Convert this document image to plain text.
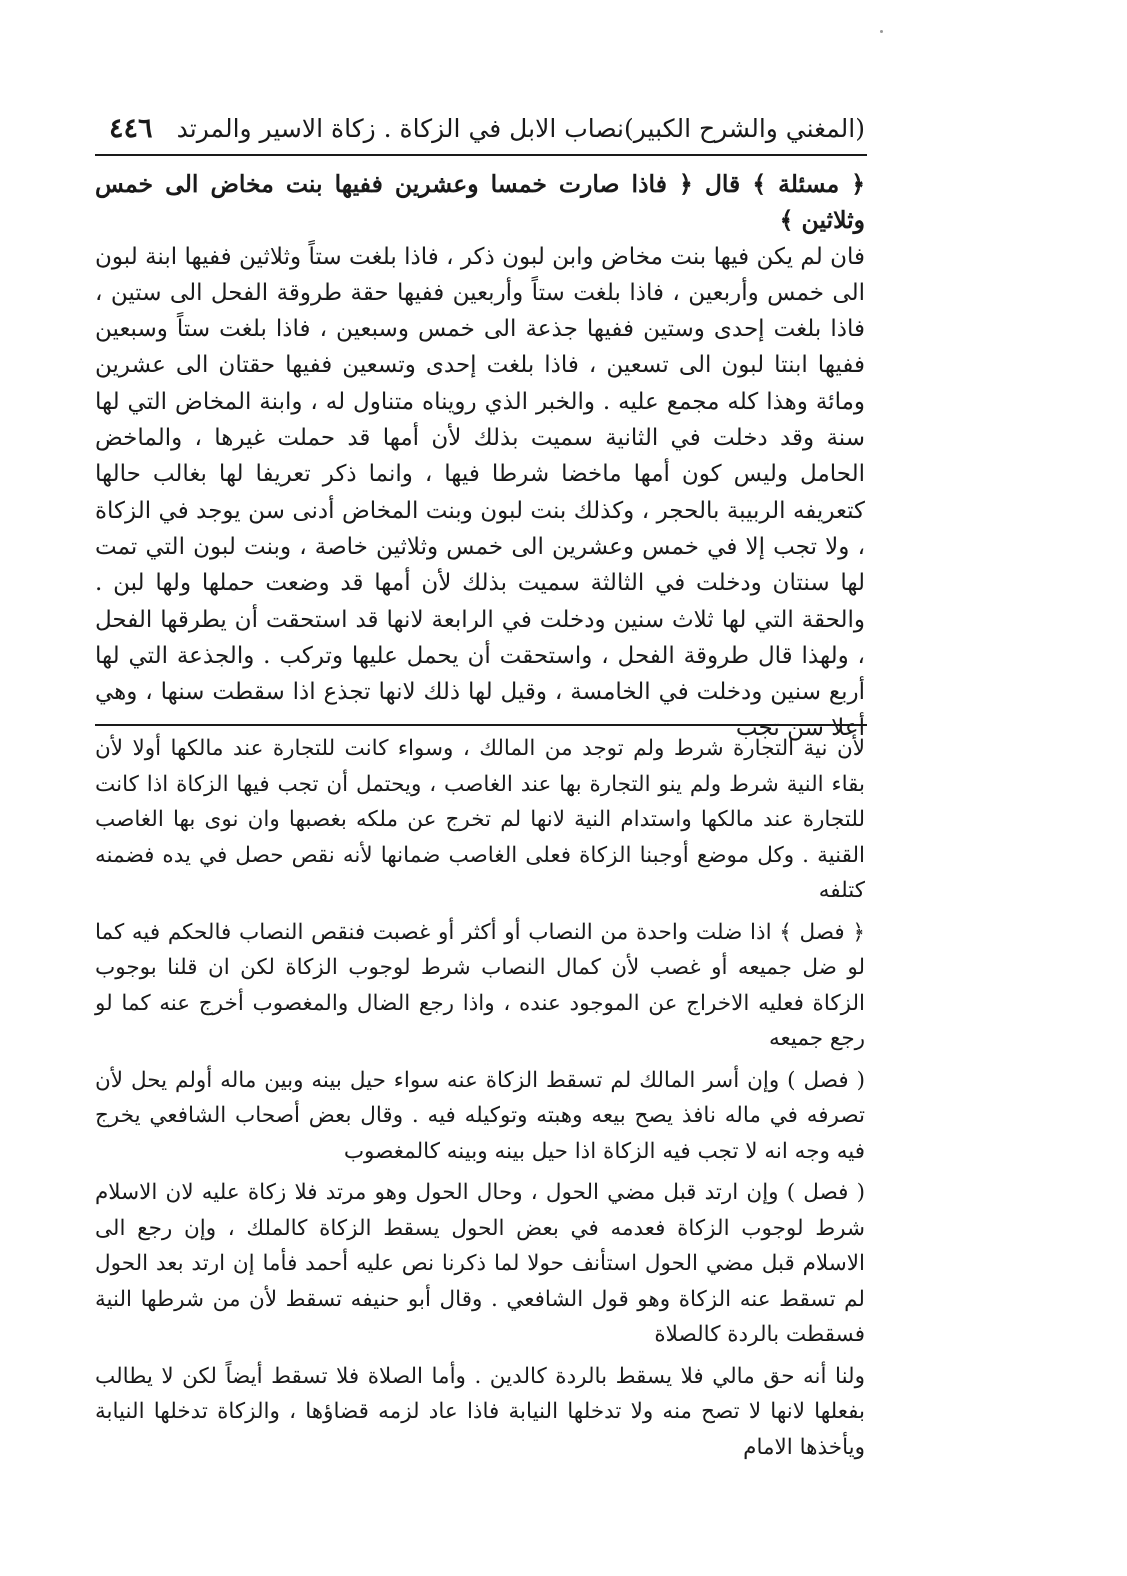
٤٤٦ نصاب الابل في الزكاة . زكاة الاسير والمرتد (المغني والشرح الكبير)

﴿ مسئلة ﴾ قال ﴿ فاذا صارت خمسا وعشرين ففيها بنت مخاض الى خمس وثلاثين ﴾

فان لم يكن فيها بنت مخاض وابن لبون ذكر ، فاذا بلغت ستاً وثلاثين ففيها ابنة لبون الى خمس وأربعين ، فاذا بلغت ستاً وأربعين ففيها حقة طروقة الفحل الى ستين ، فاذا بلغت إحدى وستين ففيها جذعة الى خمس وسبعين ، فاذا بلغت ستاً وسبعين ففيها ابنتا لبون الى تسعين ، فاذا بلغت إحدى وتسعين ففيها حقتان الى عشرين ومائة وهذا كله مجمع عليه . والخبر الذي رويناه متناول له ، وابنة المخاض التي لها سنة وقد دخلت في الثانية سميت بذلك لأن أمها قد حملت غيرها ، والماخض الحامل وليس كون أمها ماخضا شرطا فيها ، وانما ذكر تعريفا لها بغالب حالها كتعريفه الربيبة بالحجر ، وكذلك بنت لبون وبنت المخاض أدنى سن يوجد في الزكاة ، ولا تجب إلا في خمس وعشرين الى خمس وثلاثين خاصة ، وبنت لبون التي تمت لها سنتان ودخلت في الثالثة سميت بذلك لأن أمها قد وضعت حملها ولها لبن . والحقة التي لها ثلاث سنين ودخلت في الرابعة لانها قد استحقت أن يطرقها الفحل ، ولهذا قال طروقة الفحل ، واستحقت أن يحمل عليها وتركب . والجذعة التي لها أربع سنين ودخلت في الخامسة ، وقيل لها ذلك لانها تجذع اذا سقطت سنها ، وهي أعلا سن تجب

لأن نية التجارة شرط ولم توجد من المالك ، وسواء كانت للتجارة عند مالكها أولا لأن بقاء النية شرط ولم ينو التجارة بها عند الغاصب ، ويحتمل أن تجب فيها الزكاة اذا كانت للتجارة عند مالكها واستدام النية لانها لم تخرج عن ملكه بغصبها وان نوى بها الغاصب القنية . وكل موضع أوجبنا الزكاة فعلى الغاصب ضمانها لأنه نقص حصل في يده فضمنه كتلفه

﴿ فصل ﴾ اذا ضلت واحدة من النصاب أو أكثر أو غصبت فنقص النصاب فالحكم فيه كما لو ضل جميعه أو غصب لأن كمال النصاب شرط لوجوب الزكاة لكن ان قلنا بوجوب الزكاة فعليه الاخراج عن الموجود عنده ، واذا رجع الضال والمغصوب أخرج عنه كما لو رجع جميعه

( فصل ) وإن أسر المالك لم تسقط الزكاة عنه سواء حيل بينه وبين ماله أولم يحل لأن تصرفه في ماله نافذ يصح بيعه وهبته وتوكيله فيه . وقال بعض أصحاب الشافعي يخرج فيه وجه انه لا تجب فيه الزكاة اذا حيل بينه وبينه كالمغصوب

( فصل ) وإن ارتد قبل مضي الحول ، وحال الحول وهو مرتد فلا زكاة عليه لان الاسلام شرط لوجوب الزكاة فعدمه في بعض الحول يسقط الزكاة كالملك ، وإن رجع الى الاسلام قبل مضي الحول استأنف حولا لما ذكرنا نص عليه أحمد فأما إن ارتد بعد الحول لم تسقط عنه الزكاة وهو قول الشافعي . وقال أبو حنيفه تسقط لأن من شرطها النية فسقطت بالردة كالصلاة

ولنا أنه حق مالي فلا يسقط بالردة كالدين . وأما الصلاة فلا تسقط أيضاً لكن لا يطالب بفعلها لانها لا تصح منه ولا تدخلها النيابة فاذا عاد لزمه قضاؤها ، والزكاة تدخلها النيابة ويأخذها الامام
